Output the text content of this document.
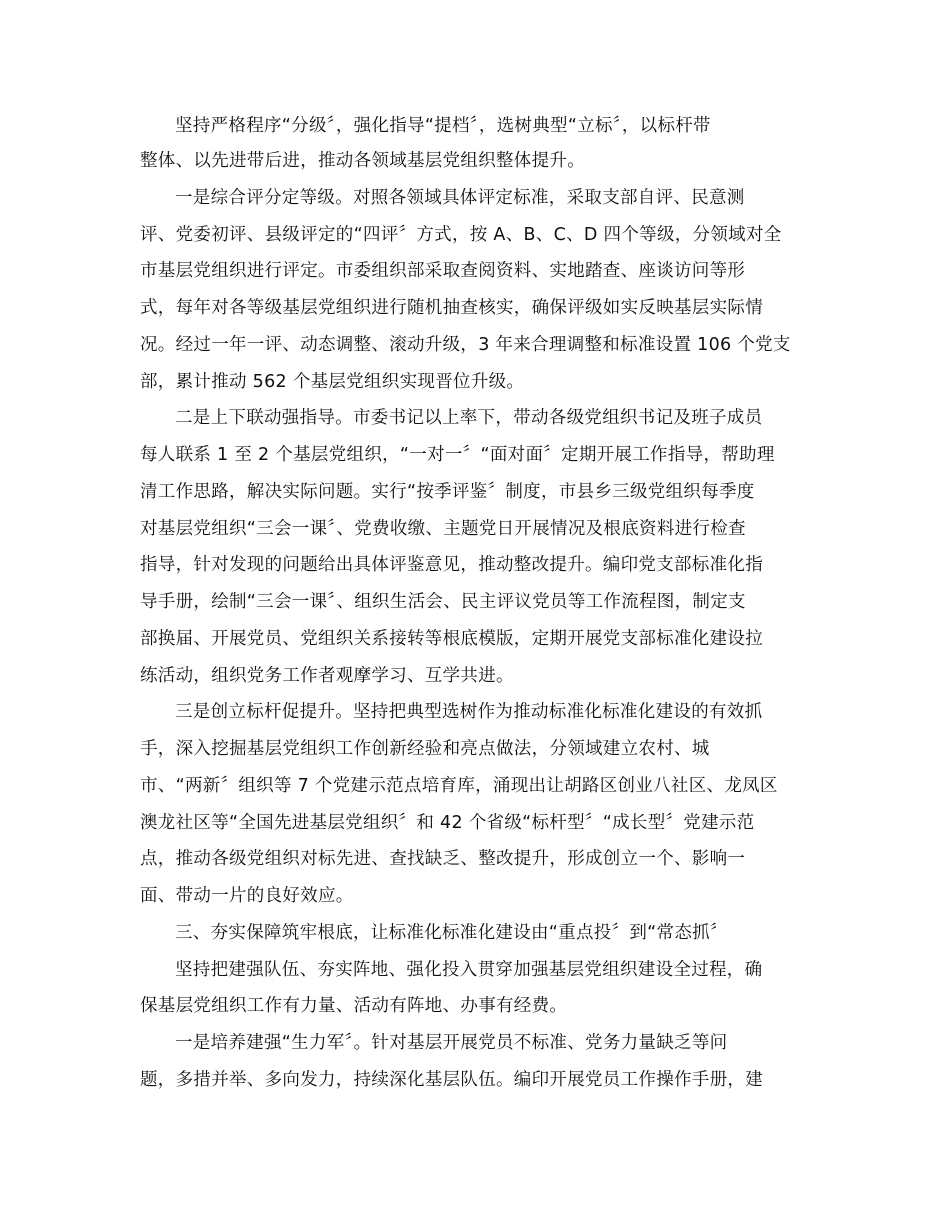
坚持严格程序“分级〞，强化指导“提档〞，选树典型“立标〞，以标杆带

整体、以先进带后进，推动各领域基层党组织整体提升。

一是综合评分定等级。对照各领域具体评定标准，采取支部自评、民意测

评、党委初评、县级评定的“四评〞方式，按 A、B、C、D 四个等级，分领域对全

市基层党组织进行评定。市委组织部采取查阅资料、实地踏查、座谈访问等形

式，每年对各等级基层党组织进行随机抽查核实，确保评级如实反映基层实际情

况。经过一年一评、动态调整、滚动升级，3 年来合理调整和标准设置 106 个党支

部，累计推动 562 个基层党组织实现晋位升级。

二是上下联动强指导。市委书记以上率下，带动各级党组织书记及班子成员

每人联系 1 至 2 个基层党组织，“一对一〞“面对面〞定期开展工作指导，帮助理

清工作思路，解决实际问题。实行“按季评鉴〞制度，市县乡三级党组织每季度

对基层党组织“三会一课〞、党费收缴、主题党日开展情况及根底资料进行检查

指导，针对发现的问题给出具体评鉴意见，推动整改提升。编印党支部标准化指

导手册，绘制“三会一课〞、组织生活会、民主评议党员等工作流程图，制定支

部换届、开展党员、党组织关系接转等根底模版，定期开展党支部标准化建设拉

练活动，组织党务工作者观摩学习、互学共进。

三是创立标杆促提升。坚持把典型选树作为推动标准化标准化建设的有效抓

手，深入挖掘基层党组织工作创新经验和亮点做法，分领域建立农村、城

市、“两新〞组织等 7 个党建示范点培育库，涌现出让胡路区创业八社区、龙凤区

澳龙社区等“全国先进基层党组织〞和 42 个省级“标杆型〞“成长型〞党建示范

点，推动各级党组织对标先进、查找缺乏、整改提升，形成创立一个、影响一

面、带动一片的良好效应。

三、夯实保障筑牢根底，让标准化标准化建设由“重点投〞到“常态抓〞

坚持把建强队伍、夯实阵地、强化投入贯穿加强基层党组织建设全过程，确

保基层党组织工作有力量、活动有阵地、办事有经费。

一是培养建强“生力军〞。针对基层开展党员不标准、党务力量缺乏等问

题，多措并举、多向发力，持续深化基层队伍。编印开展党员工作操作手册，建
